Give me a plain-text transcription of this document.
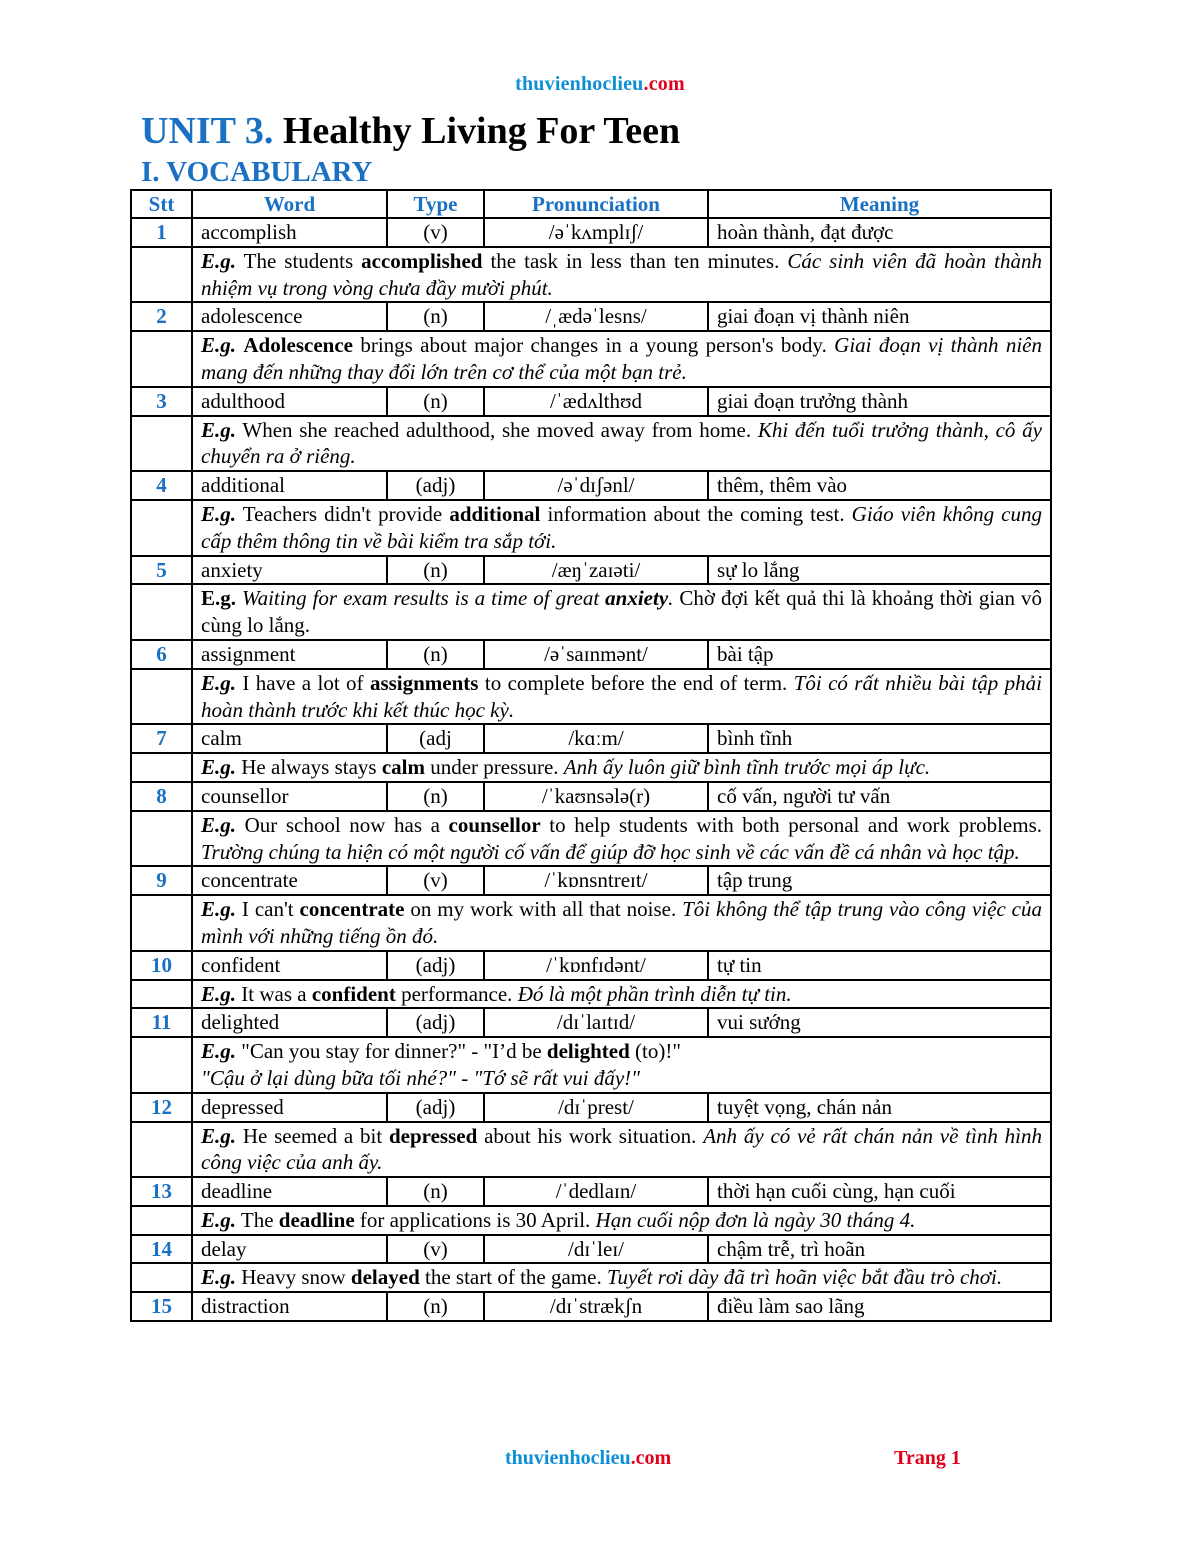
thuvienhoclieu.com
UNIT 3. Healthy Living For Teen
I. VOCABULARY
Stt	Word	Type	Pronunciation	Meaning
1	accomplish	(v)	/əˈkʌmplɪʃ/	hoàn thành, đạt được
	E.g. The students accomplished the task in less than ten minutes. Các sinh viên đã hoàn thành nhiệm vụ trong vòng chưa đầy mười phút.			
2	adolescence	(n)	/ˌædəˈlesns/	giai đoạn vị thành niên
	E.g. Adolescence brings about major changes in a young person's body. Giai đoạn vị thành niên mang đến những thay đổi lớn trên cơ thể của một bạn trẻ.			
3	adulthood	(n)	/ˈædʌlthʊd	giai đoạn trưởng thành
	E.g. When she reached adulthood, she moved away from home. Khi đến tuổi trưởng thành, cô ấy chuyển ra ở riêng.			
4	additional	(adj)	/əˈdɪʃənl/	thêm, thêm vào
	E.g. Teachers didn't provide additional information about the coming test. Giáo viên không cung cấp thêm thông tin về bài kiểm tra sắp tới.			
5	anxiety	(n)	/æŋˈzaɪəti/	sự lo lắng
	E.g. Waiting for exam results is a time of great anxiety. Chờ đợi kết quả thi là khoảng thời gian vô cùng lo lắng.			
6	assignment	(n)	/əˈsaɪnmənt/	bài tập
	E.g. I have a lot of assignments to complete before the end of term. Tôi có rất nhiều bài tập phải hoàn thành trước khi kết thúc học kỳ.			
7	calm	(adj	/kɑːm/	bình tĩnh
	E.g. He always stays calm under pressure. Anh ấy luôn giữ bình tĩnh trước mọi áp lực.			
8	counsellor	(n)	/ˈkaʊnsələ(r)	cố vấn, người tư vấn
	E.g. Our school now has a counsellor to help students with both personal and work problems. Trường chúng ta hiện có một người cố vấn để giúp đỡ học sinh về các vấn đề cá nhân và học tập.			
9	concentrate	(v)	/ˈkɒnsntreɪt/	tập trung
	E.g. I can't concentrate on my work with all that noise. Tôi không thể tập trung vào công việc của mình với những tiếng ồn đó.			
10	confident	(adj)	/ˈkɒnfɪdənt/	tự tin
	E.g. It was a confident performance. Đó là một phần trình diễn tự tin.			
11	delighted	(adj)	/dɪˈlaɪtɪd/	vui sướng
	E.g. "Can you stay for dinner?" - "I’d be delighted (to)!"
"Cậu ở lại dùng bữa tối nhé?" - "Tớ sẽ rất vui đấy!"			
12	depressed	(adj)	/dɪˈprest/	tuyệt vọng, chán nản
	E.g. He seemed a bit depressed about his work situation. Anh ấy có vẻ rất chán nản về tình hình công việc của anh ấy.			
13	deadline	(n)	/ˈdedlaɪn/	thời hạn cuối cùng, hạn cuối
	E.g. The deadline for applications is 30 April. Hạn cuối nộp đơn là ngày 30 tháng 4.			
14	delay	(v)	/dɪˈleɪ/	chậm trễ, trì hoãn
	E.g. Heavy snow delayed the start of the game. Tuyết rơi dày đã trì hoãn việc bắt đầu trò chơi.			
15	distraction	(n)	/dɪˈstrækʃn	điều làm sao lãng
thuvienhoclieu.com	Trang 1
